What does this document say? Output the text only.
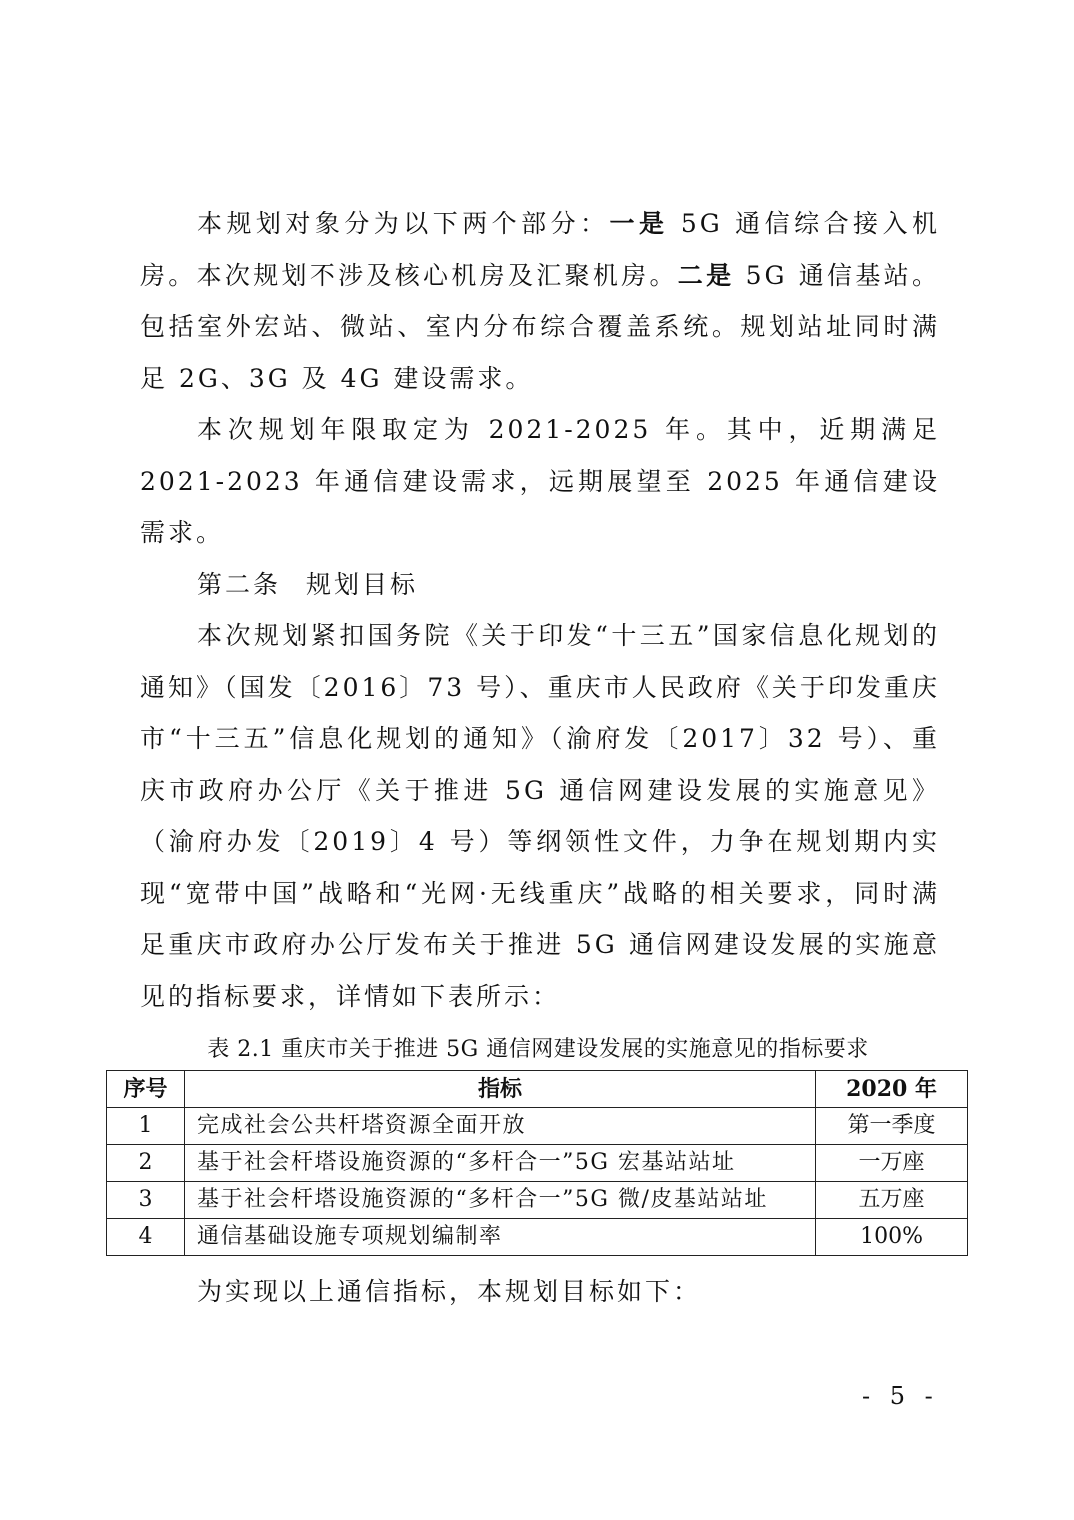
本规划对象分为以下两个部分：一是 5G 通信综合接入机房。本次规划不涉及核心机房及汇聚机房。二是 5G 通信基站。包括室外宏站、微站、室内分布综合覆盖系统。规划站址同时满足 2G、3G 及 4G 建设需求。

本次规划年限取定为 2021-2025 年。其中，近期满足 2021-2023 年通信建设需求，远期展望至 2025 年通信建设需求。

第二条 规划目标

本次规划紧扣国务院《关于印发“十三五”国家信息化规划的通知》（国发〔2016〕73 号）、重庆市人民政府《关于印发重庆市“十三五”信息化规划的通知》（渝府发〔2017〕32 号）、重庆市政府办公厅《关于推进 5G 通信网建设发展的实施意见》（渝府办发〔2019〕4 号）等纲领性文件，力争在规划期内实现“宽带中国”战略和“光网·无线重庆”战略的相关要求，同时满足重庆市政府办公厅发布关于推进 5G 通信网建设发展的实施意见的指标要求，详情如下表所示：

表 2.1 重庆市关于推进 5G 通信网建设发展的实施意见的指标要求
序号	指标	2020 年
1	完成社会公共杆塔资源全面开放	第一季度
2	基于社会杆塔设施资源的“多杆合一”5G 宏基站站址	一万座
3	基于社会杆塔设施资源的“多杆合一”5G 微/皮基站站址	五万座
4	通信基础设施专项规划编制率	100%

为实现以上通信指标，本规划目标如下：

- 5 -
